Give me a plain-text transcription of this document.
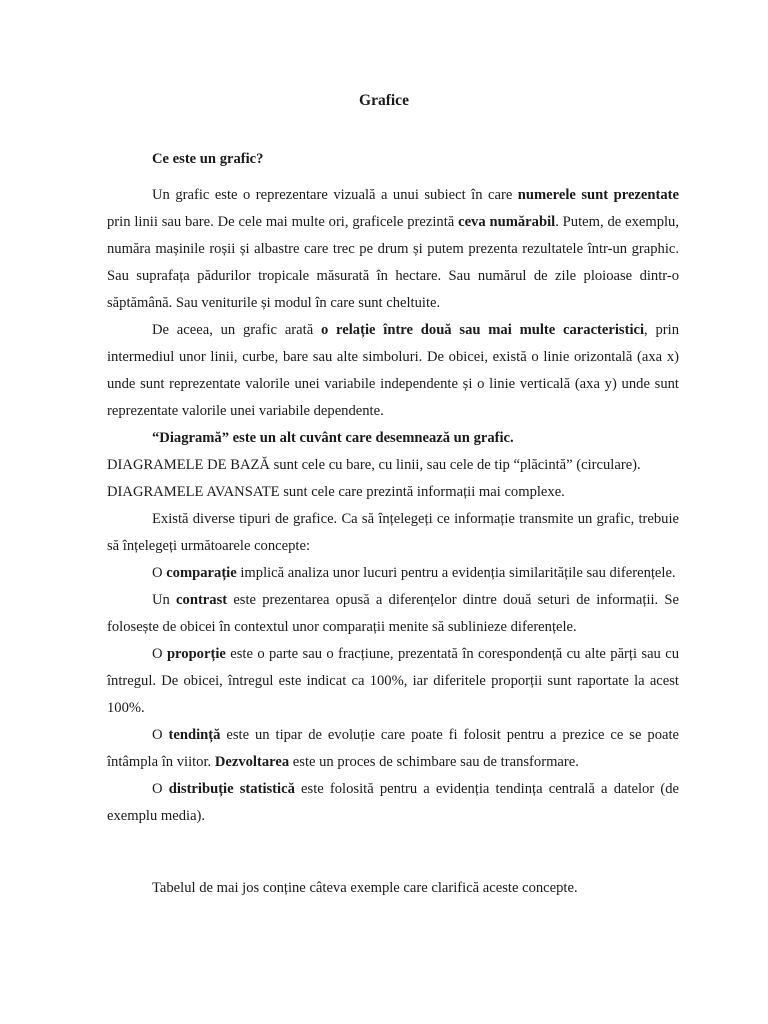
Grafice

Ce este un grafic?

Un grafic este o reprezentare vizuală a unui subiect în care numerele sunt prezentate prin linii sau bare. De cele mai multe ori, graficele prezintă ceva numărabil. Putem, de exemplu, număra mașinile roșii și albastre care trec pe drum și putem prezenta rezultatele într-un graphic. Sau suprafața pădurilor tropicale măsurată în hectare. Sau numărul de zile ploioase dintr-o săptămână. Sau veniturile și modul în care sunt cheltuite.

De aceea, un grafic arată o relație între două sau mai multe caracteristici, prin intermediul unor linii, curbe, bare sau alte simboluri. De obicei, există o linie orizontală (axa x) unde sunt reprezentate valorile unei variabile independente și o linie verticală (axa y) unde sunt reprezentate valorile unei variabile dependente.

“Diagramă” este un alt cuvânt care desemnează un grafic.

DIAGRAMELE DE BAZĂ sunt cele cu bare, cu linii, sau cele de tip “plăcintă” (circulare).

DIAGRAMELE AVANSATE sunt cele care prezintă informații mai complexe.

Există diverse tipuri de grafice. Ca să înțelegeți ce informație transmite un grafic, trebuie să înțelegeți următoarele concepte:

O comparație implică analiza unor lucuri pentru a evidenția similaritățile sau diferențele.

Un contrast este prezentarea opusă a diferențelor dintre două seturi de informații. Se folosește de obicei în contextul unor comparații menite să sublinieze diferențele.

O proporție este o parte sau o fracțiune, prezentată în corespondență cu alte părți sau cu întregul. De obicei, întregul este indicat ca 100%, iar diferitele proporții sunt raportate la acest 100%.

O tendință este un tipar de evoluție care poate fi folosit pentru a prezice ce se poate întâmpla în viitor. Dezvoltarea este un proces de schimbare sau de transformare.

O distribuție statistică este folosită pentru a evidenția tendința centrală a datelor (de exemplu media).

Tabelul de mai jos conține câteva exemple care clarifică aceste concepte.
